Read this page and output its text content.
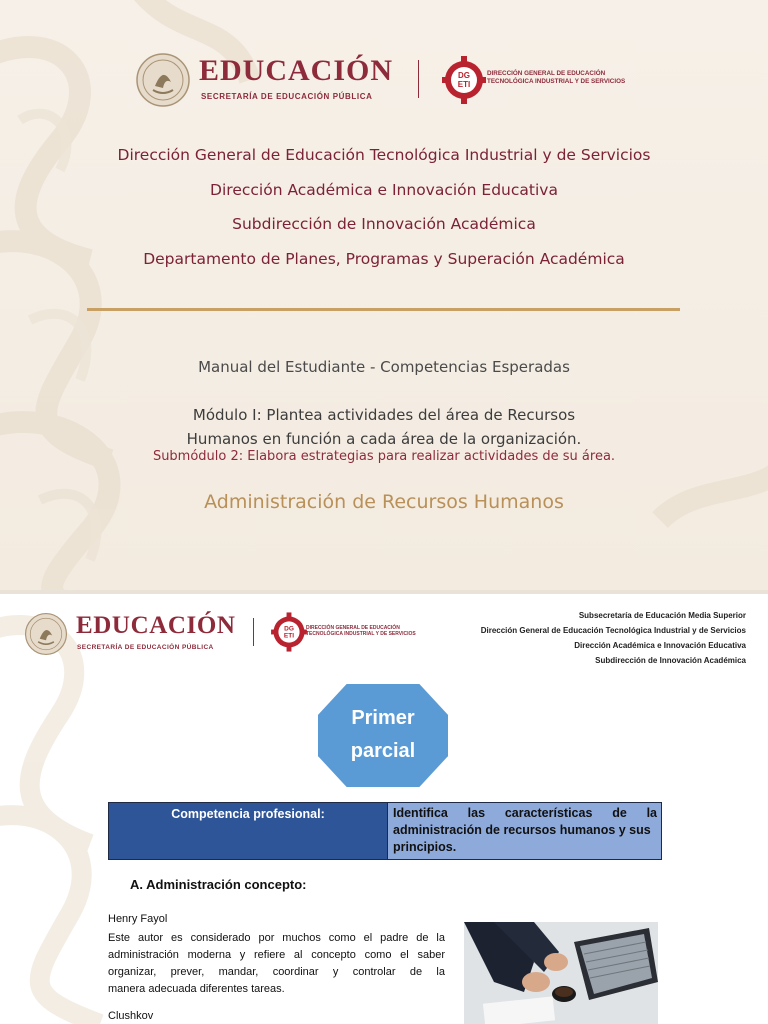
EDUCACIÓN
SECRETARÍA DE EDUCACIÓN PÚBLICA
DG
ETI
DIRECCIÓN GENERAL DE EDUCACIÓN
TECNOLÓGICA INDUSTRIAL Y DE SERVICIOS
Dirección General de Educación Tecnológica Industrial y de Servicios
Dirección Académica e Innovación Educativa
Subdirección de Innovación Académica
Departamento de Planes, Programas y Superación Académica
Manual del Estudiante - Competencias Esperadas
Módulo I: Plantea actividades del área de Recursos
Humanos en función a cada área de la organización.
Submódulo 2: Elabora estrategias para realizar actividades de su área.
Administración de Recursos Humanos
EDUCACIÓN
SECRETARÍA DE EDUCACIÓN PÚBLICA
DG
ETI
DIRECCIÓN GENERAL DE EDUCACIÓN
TECNOLÓGICA INDUSTRIAL Y DE SERVICIOS
Subsecretaría de Educación Media Superior
Dirección General de Educación Tecnológica Industrial y de Servicios
Dirección Académica e Innovación Educativa
Subdirección de Innovación Académica
Primer
parcial
Competencia profesional:	Identifica las características de la
administración de recursos humanos y sus
principios.
A. Administración concepto:
Henry Fayol
Este autor es considerado por muchos como el padre de la
administración moderna y refiere al concepto como el saber
organizar, prever, mandar, coordinar y controlar de la
manera adecuada diferentes tareas.
Clushkov
